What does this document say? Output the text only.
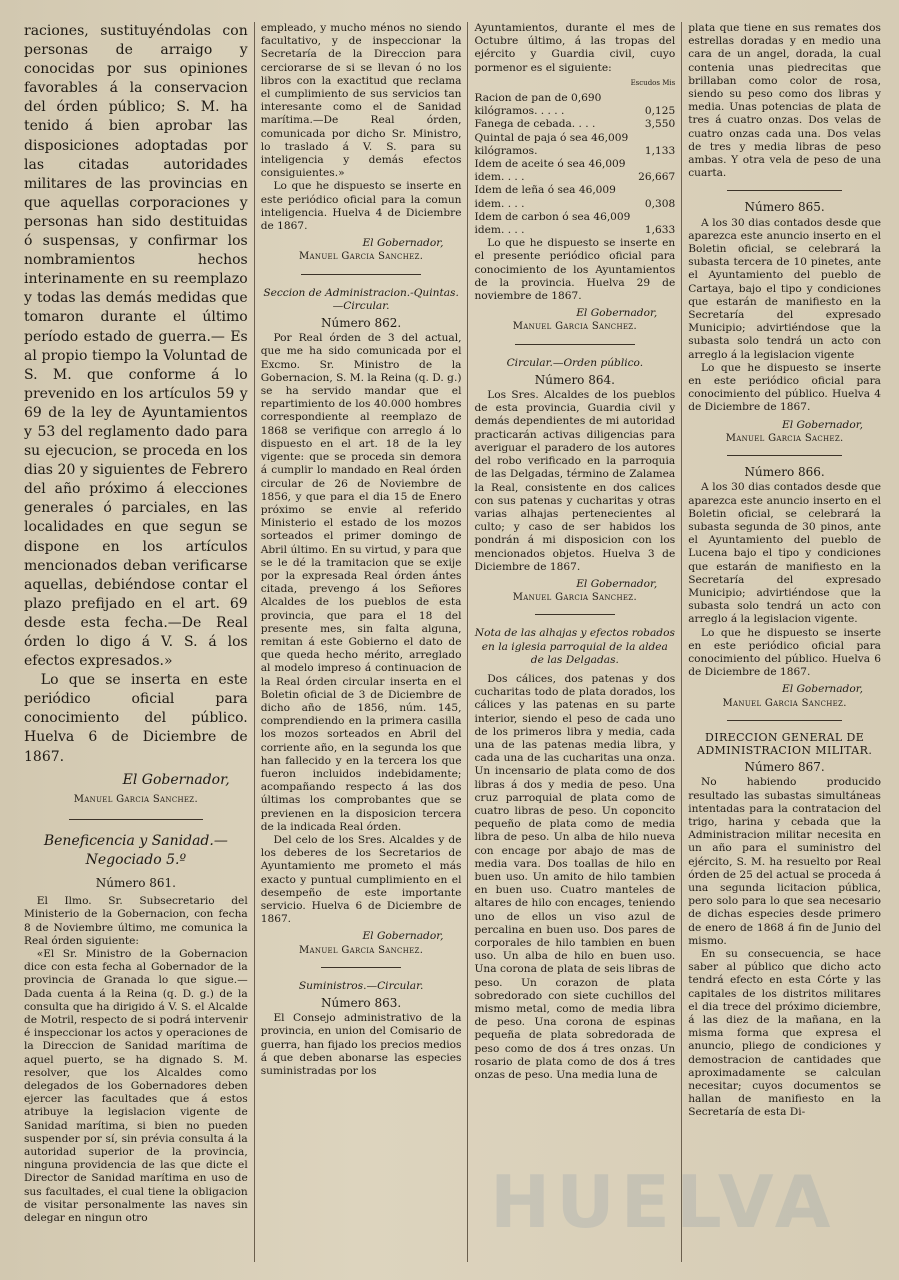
raciones, sustituyéndolas con personas de arraigo y conocidas por sus opiniones favorables á la conservacion del órden público; S. M. ha tenido á bien aprobar las disposiciones adoptadas por las citadas autoridades militares de las provincias en que aquellas corporaciones y personas han sido destituidas ó suspensas, y confirmar los nombramientos hechos interinamente en su reemplazo y todas las demás medidas que tomaron durante el último período estado de guerra.— Es al propio tiempo la Voluntad de S. M. que conforme á lo prevenido en los artículos 59 y 69 de la ley de Ayuntamientos y 53 del reglamento dado para su ejecucion, se proceda en los dias 20 y siguientes de Febrero del año próximo á elecciones generales ó parciales, en las localidades en que segun se dispone en los artículos mencionados deban verificarse aquellas, debiéndose contar el plazo prefijado en el art. 69 desde esta fecha.—De Real órden lo digo á V. S. á los efectos expresados.»

Lo que se inserta en este periódico oficial para conocimiento del público. Huelva 6 de Diciembre de 1867.

El Gobernador,

Manuel Garcia Sanchez.

Beneficencia y Sanidad.—Negociado 5.º

Número 861.

El Ilmo. Sr. Subsecretario del Ministerio de la Gobernacion, con fecha 8 de Noviembre último, me comunica la Real órden siguiente:

«El Sr. Ministro de la Gobernacion dice con esta fecha al Gobernador de la provincia de Granada lo que sigue.—Dada cuenta á la Reina (q. D. g.) de la consulta que ha dirigido á V. S. el Alcalde de Motril, respecto de si podrá intervenir é inspeccionar los actos y operaciones de la Direccion de Sanidad marítima de aquel puerto, se ha dignado S. M. resolver, que los Alcaldes como delegados de los Gobernadores deben ejercer las facultades que á estos atribuye la legislacion vigente de Sanidad marítima, si bien no pueden suspender por sí, sin prévia consulta á la autoridad superior de la provincia, ninguna providencia de las que dicte el Director de Sanidad marítima en uso de sus facultades, el cual tiene la obligacion de visitar personalmente las naves sin delegar en ningun otro

empleado, y mucho ménos no siendo facultativo, y de inspeccionar la Secretaría de la Direccion para cerciorarse de si se llevan ó no los libros con la exactitud que reclama el cumplimiento de sus servicios tan interesante como el de Sanidad marítima.—De Real órden, comunicada por dicho Sr. Ministro, lo traslado á V. S. para su inteligencia y demás efectos consiguientes.»

Lo que he dispuesto se inserte en este periódico oficial para la comun inteligencia. Huelva 4 de Diciembre de 1867.

El Gobernador,

Manuel Garcia Sanchez.

Seccion de Administracion.-Quintas.—Circular.

Número 862.

Por Real órden de 3 del actual, que me ha sido comunicada por el Excmo. Sr. Ministro de la Gobernacion, S. M. la Reina (q. D. g.) se ha servido mandar que el repartimiento de los 40.000 hombres correspondiente al reemplazo de 1868 se verifique con arreglo á lo dispuesto en el art. 18 de la ley vigente: que se proceda sin demora á cumplir lo mandado en Real órden circular de 26 de Noviembre de 1856, y que para el dia 15 de Enero próximo se envie al referido Ministerio el estado de los mozos sorteados el primer domingo de Abril último. En su virtud, y para que se le dé la tramitacion que se exije por la expresada Real órden ántes citada, prevengo á los Señores Alcaldes de los pueblos de esta provincia, que para el 18 del presente mes, sin falta alguna, remitan á este Gobierno el dato de que queda hecho mérito, arreglado al modelo impreso á continuacion de la Real órden circular inserta en el Boletin oficial de 3 de Diciembre de dicho año de 1856, núm. 145, comprendiendo en la primera casilla los mozos sorteados en Abril del corriente año, en la segunda los que han fallecido y en la tercera los que fueron incluidos indebidamente; acompañando respecto á las dos últimas los comprobantes que se previenen en la disposicion tercera de la indicada Real órden.

Del celo de los Sres. Alcaldes y de los deberes de los Secretarios de Ayuntamiento me prometo el más exacto y puntual cumplimiento en el desempeño de este importante servicio. Huelva 6 de Diciembre de 1867.

El Gobernador,

Manuel Garcia Sanchez.

Suministros.—Circular.

Número 863.

El Consejo administrativo de la provincia, en union del Comisario de guerra, han fijado los precios medios á que deben abonarse las especies suministradas por los

Ayuntamientos, durante el mes de Octubre último, á las tropas del ejército y Guardia civil, cuyo pormenor es el siguiente:

Escudos Mis

Racion de pan de 0,690 kilógramos. . . . .	0,125
Fanega de cebada. . . .	3,550
Quintal de paja ó sea 46,009 kilógramos.	1,133
Idem de aceite ó sea 46,009 idem. . . .	26,667
Idem de leña ó sea 46,009 idem. . . .	0,308
Idem de carbon ó sea 46,009 idem. . . .	1,633

Lo que he dispuesto se inserte en el presente periódico oficial para conocimiento de los Ayuntamientos de la provincia. Huelva 29 de noviembre de 1867.

El Gobernador,

Manuel Garcia Sanchez.

Circular.—Orden público.

Número 864.

Los Sres. Alcaldes de los pueblos de esta provincia, Guardia civil y demás dependientes de mi autoridad practicarán activas diligencias para averiguar el paradero de los autores del robo verificado en la parroquia de las Delgadas, término de Zalamea la Real, consistente en dos calices con sus patenas y cucharitas y otras varias alhajas pertenecientes al culto; y caso de ser habidos los pondrán á mi disposicion con los mencionados objetos. Huelva 3 de Diciembre de 1867.

El Gobernador,

Manuel Garcia Sanchez.

Nota de las alhajas y efectos robados en la iglesia parroquial de la aldea de las Delgadas.

Dos cálices, dos patenas y dos cucharitas todo de plata dorados, los cálices y las patenas en su parte interior, siendo el peso de cada uno de los primeros libra y media, cada una de las patenas media libra, y cada una de las cucharitas una onza. Un incensario de plata como de dos libras á dos y media de peso. Una cruz parroquial de plata como de cuatro libras de peso. Un coponcito pequeño de plata como de media libra de peso. Un alba de hilo nueva con encage por abajo de mas de media vara. Dos toallas de hilo en buen uso. Un amito de hilo tambien en buen uso. Cuatro manteles de altares de hilo con encages, teniendo uno de ellos un viso azul de percalina en buen uso. Dos pares de corporales de hilo tambien en buen uso. Un alba de hilo en buen uso. Una corona de plata de seis libras de peso. Un corazon de plata sobredorado con siete cuchillos del mismo metal, como de media libra de peso. Una corona de espinas pequeña de plata sobredorada de peso como de dos á tres onzas. Un rosario de plata como de dos á tres onzas de peso. Una media luna de

plata que tiene en sus remates dos estrellas doradas y en medio una cara de un angel, dorada, la cual contenia unas piedrecitas que brillaban como color de rosa, siendo su peso como dos libras y media. Unas potencias de plata de tres á cuatro onzas. Dos velas de cuatro onzas cada una. Dos velas de tres y media libras de peso ambas. Y otra vela de peso de una cuarta.

Número 865.

A los 30 dias contados desde que aparezca este anuncio inserto en el Boletin oficial, se celebrará la subasta tercera de 10 pinetes, ante el Ayuntamiento del pueblo de Cartaya, bajo el tipo y condiciones que estarán de manifiesto en la Secretaría del expresado Municipio; advirtiéndose que la subasta solo tendrá un acto con arreglo á la legislacion vigente

Lo que he dispuesto se inserte en este periódico oficial para conocimiento del público. Huelva 4 de Diciembre de 1867.

El Gobernador,

Manuel Garcia Sachez.

Número 866.

A los 30 dias contados desde que aparezca este anuncio inserto en el Boletin oficial, se celebrará la subasta segunda de 30 pinos, ante el Ayuntamiento del pueblo de Lucena bajo el tipo y condiciones que estarán de manifiesto en la Secretaría del expresado Municipio; advirtiéndose que la subasta solo tendrá un acto con arreglo á la legislacion vigente.

Lo que he dispuesto se inserte en este periódico oficial para conocimiento del público. Huelva 6 de Diciembre de 1867.

El Gobernador,

Manuel Garcia Sanchez.

DIRECCION GENERAL DE ADMINISTRACION MILITAR.

Número 867.

No habiendo producido resultado las subastas simultáneas intentadas para la contratacion del trigo, harina y cebada que la Administracion militar necesita en un año para el suministro del ejército, S. M. ha resuelto por Real órden de 25 del actual se proceda á una segunda licitacion pública, pero solo para lo que sea necesario de dichas especies desde primero de enero de 1868 á fin de Junio del mismo.

En su consecuencia, se hace saber al público que dicho acto tendrá efecto en esta Córte y las capitales de los distritos militares el dia trece del próximo diciembre, á las diez de la mañana, en la misma forma que expresa el anuncio, pliego de condiciones y demostracion de cantidades que aproximadamente se calculan necesitar; cuyos documentos se hallan de manifiesto en la Secretaría de esta Di-

HUELVA
